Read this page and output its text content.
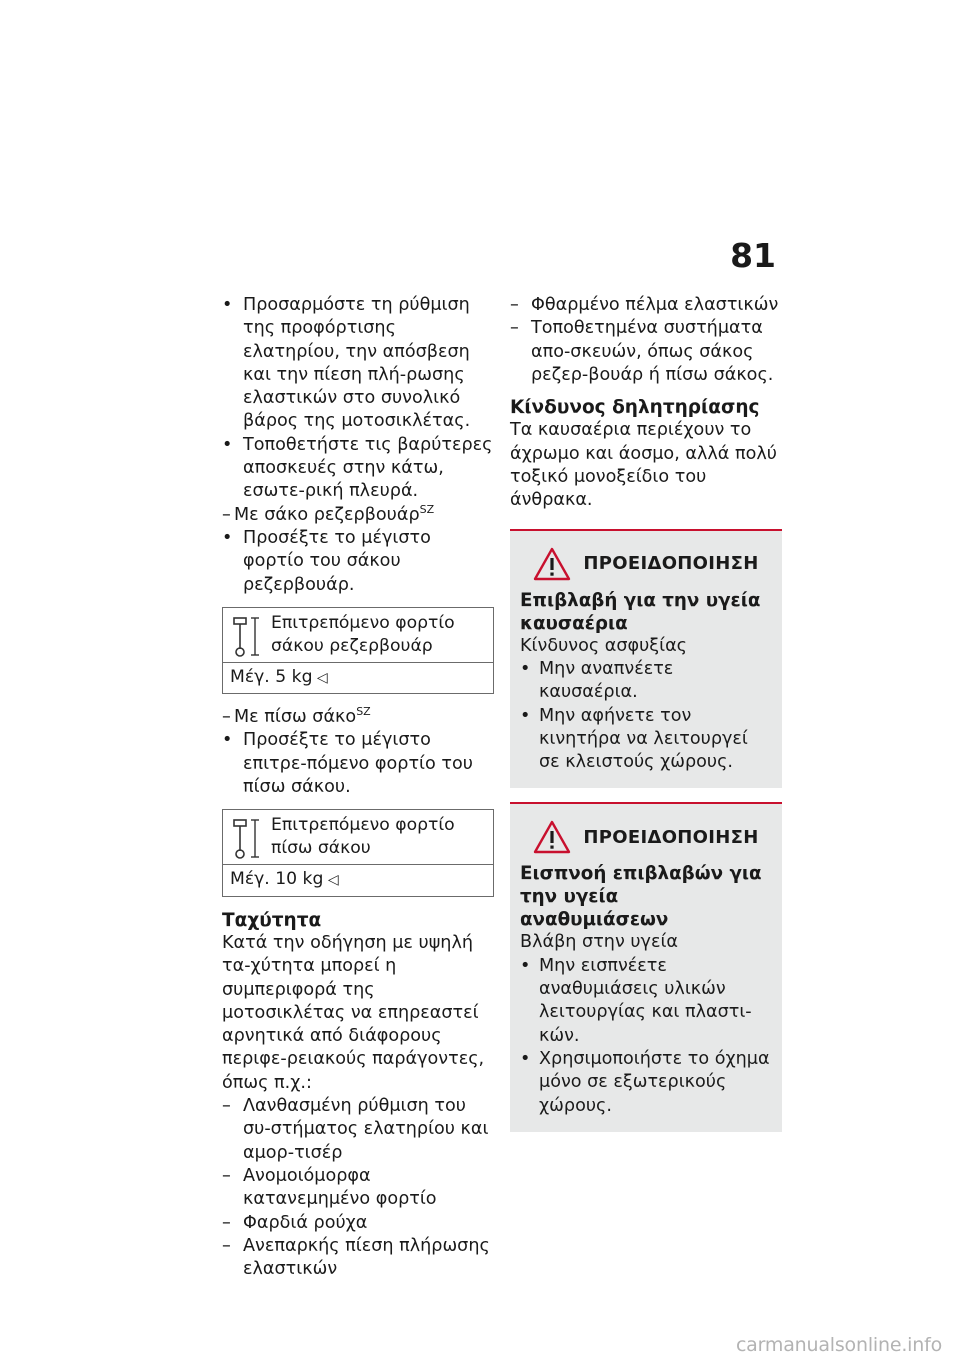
81
• Προσαρμόστε τη ρύθμιση της προφόρτισης ελατηρίου, την απόσβεση και την πίεση πλή-ρωσης ελαστικών στο συνολικό βάρος της μοτοσικλέτας.
• Τοποθετήστε τις βαρύτερες αποσκευές στην κάτω, εσωτε-ρική πλευρά.
– Με σάκο ρεζερβουάρ$^{SZ}$
• Προσέξτε το μέγιστο φορτίο του σάκου ρεζερβουάρ.
Επιτρεπόμενο φορτίο σάκου ρεζερβουάρ
Μέγ. 5 kg ◁
– Με πίσω σάκο$^{SZ}$
• Προσέξτε το μέγιστο επιτρε-πόμενο φορτίο του πίσω σάκου.
Επιτρεπόμενο φορτίο πίσω σάκου
Μέγ. 10 kg ◁
Ταχύτητα

Κατά την οδήγηση με υψηλή τα-χύτητα μπορεί η συμπεριφορά της μοτοσικλέτας να επηρεαστεί αρνητικά από διάφορους περιφε-ρειακούς παράγοντες, όπως π.χ.:

– Λανθασμένη ρύθμιση του συ-στήματος ελατηρίου και αμορ-τισέρ
– Ανομοιόμορφα κατανεμημένο φορτίο
– Φαρδιά ρούχα
– Ανεπαρκής πίεση πλήρωσης ελαστικών
– Φθαρμένο πέλμα ελαστικών
– Τοποθετημένα συστήματα απο-σκευών, όπως σάκος ρεζερ-βουάρ ή πίσω σάκος.
Κίνδυνος δηλητηρίασης

Τα καυσαέρια περιέχουν το άχρωμο και άοσμο, αλλά πολύ τοξικό μονοξείδιο του άνθρακα.

ΠΡΟΕΙΔΟΠΟΙΗΣΗ
Επιβλαβή για την υγεία καυσαέρια

Κίνδυνος ασφυξίας

• Μην αναπνέετε καυσαέρια.
• Μην αφήνετε τον κινητήρα να λειτουργεί σε κλειστούς χώρους.
ΠΡΟΕΙΔΟΠΟΙΗΣΗ
Εισπνοή επιβλαβών για την υγεία αναθυμιάσεων

Βλάβη στην υγεία

• Μην εισπνέετε αναθυμιάσεις υλικών λειτουργίας και πλαστι-κών.
• Χρησιμοποιήστε το όχημα μόνο σε εξωτερικούς χώρους.
carmanualsonline.info
